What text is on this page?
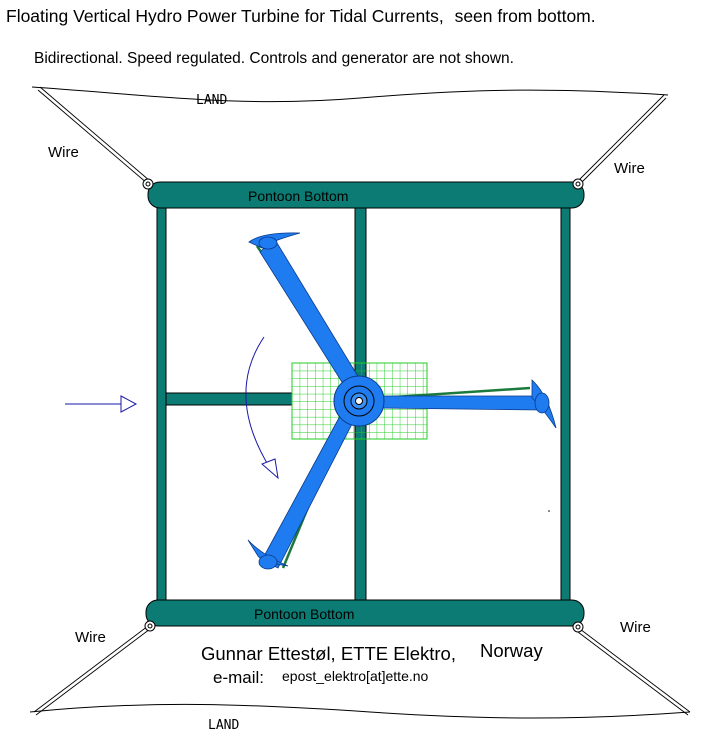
Floating Vertical Hydro Power Turbine for Tidal Currents, seen from bottom.
Bidirectional. Speed regulated. Controls and generator are not shown.
LAND
LAND
Wire
Wire
Wire
Wire
Pontoon Bottom
Pontoon Bottom
Gunnar Ettestøl, ETTE Elektro, Norway
e-mail: epost_elektro[at]ette.no
